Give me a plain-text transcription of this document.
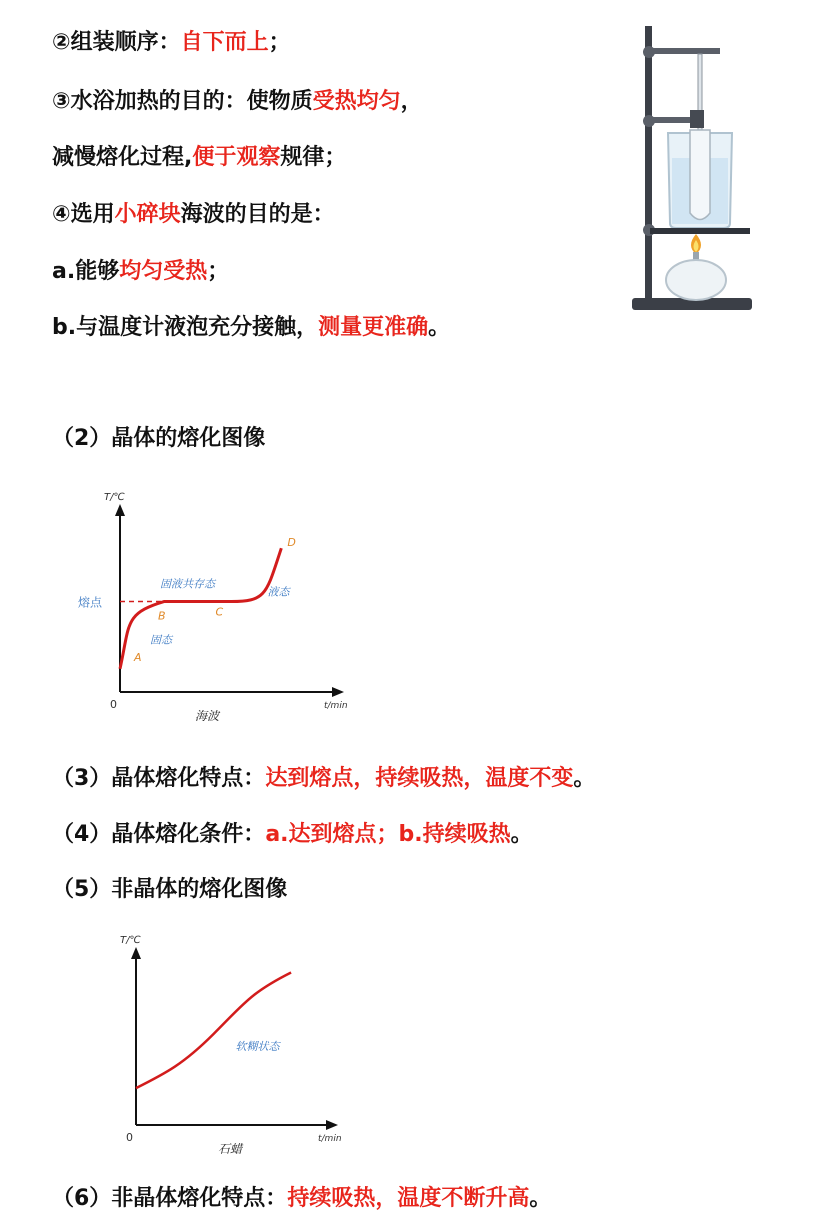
②组装顺序：自下而上；
③水浴加热的目的：使物质受热均匀，
减慢熔化过程,便于观察规律；
④选用小碎块海波的目的是：
a.能够均匀受热；
b.与温度计液泡充分接触，测量更准确。
（2）晶体的熔化图像
T/℃
t/min
0
熔点
A
B	C
D
固态
固液共存态
液态
海波
（3）晶体熔化特点：达到熔点，持续吸热，温度不变。
（4）晶体熔化条件：a.达到熔点；b.持续吸热。
（5）非晶体的熔化图像
T/℃
t/min
0
软糊状态
石蜡
（6）非晶体熔化特点：持续吸热，温度不断升高。
